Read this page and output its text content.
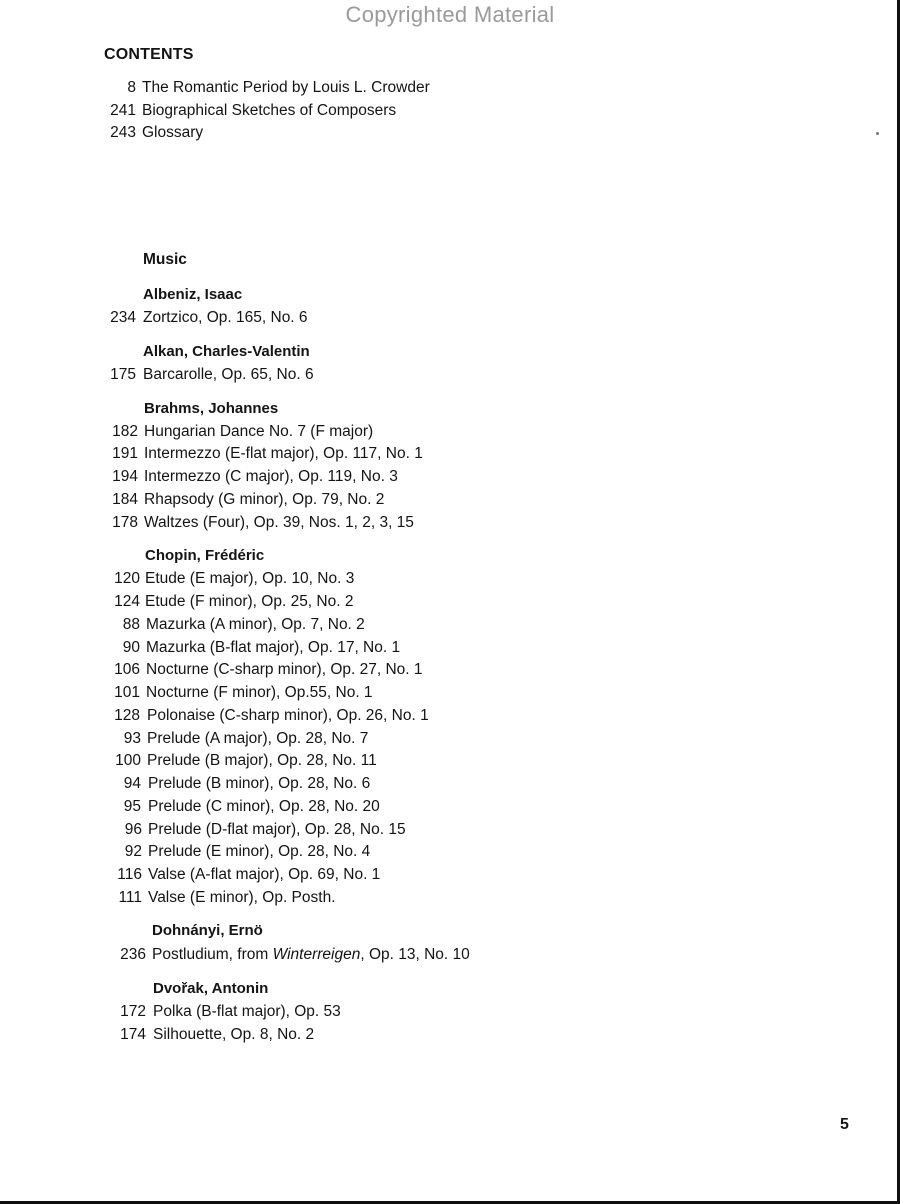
Copyrighted Material
CONTENTS
8 The Romantic Period by Louis L. Crowder
241 Biographical Sketches of Composers
243 Glossary
Music
Albeniz, Isaac
234 Zortzico, Op. 165, No. 6
Alkan, Charles-Valentin
175 Barcarolle, Op. 65, No. 6
Brahms, Johannes
182 Hungarian Dance No. 7 (F major)
191 Intermezzo (E-flat major), Op. 117, No. 1
194 Intermezzo (C major), Op. 119, No. 3
184 Rhapsody (G minor), Op. 79, No. 2
178 Waltzes (Four), Op. 39, Nos. 1, 2, 3, 15
Chopin, Frédéric
120 Etude (E major), Op. 10, No. 3
124 Etude (F minor), Op. 25, No. 2
88 Mazurka (A minor), Op. 7, No. 2
90 Mazurka (B-flat major), Op. 17, No. 1
106 Nocturne (C-sharp minor), Op. 27, No. 1
101 Nocturne (F minor), Op.55, No. 1
128 Polonaise (C-sharp minor), Op. 26, No. 1
93 Prelude (A major), Op. 28, No. 7
100 Prelude (B major), Op. 28, No. 11
94 Prelude (B minor), Op. 28, No. 6
95 Prelude (C minor), Op. 28, No. 20
96 Prelude (D-flat major), Op. 28, No. 15
92 Prelude (E minor), Op. 28, No. 4
116 Valse (A-flat major), Op. 69, No. 1
111 Valse (E minor), Op. Posth.
Dohnányi, Ernö
236 Postludium, from Winterreigen, Op. 13, No. 10
Dvořak, Antonin
172 Polka (B-flat major), Op. 53
174 Silhouette, Op. 8, No. 2
5
